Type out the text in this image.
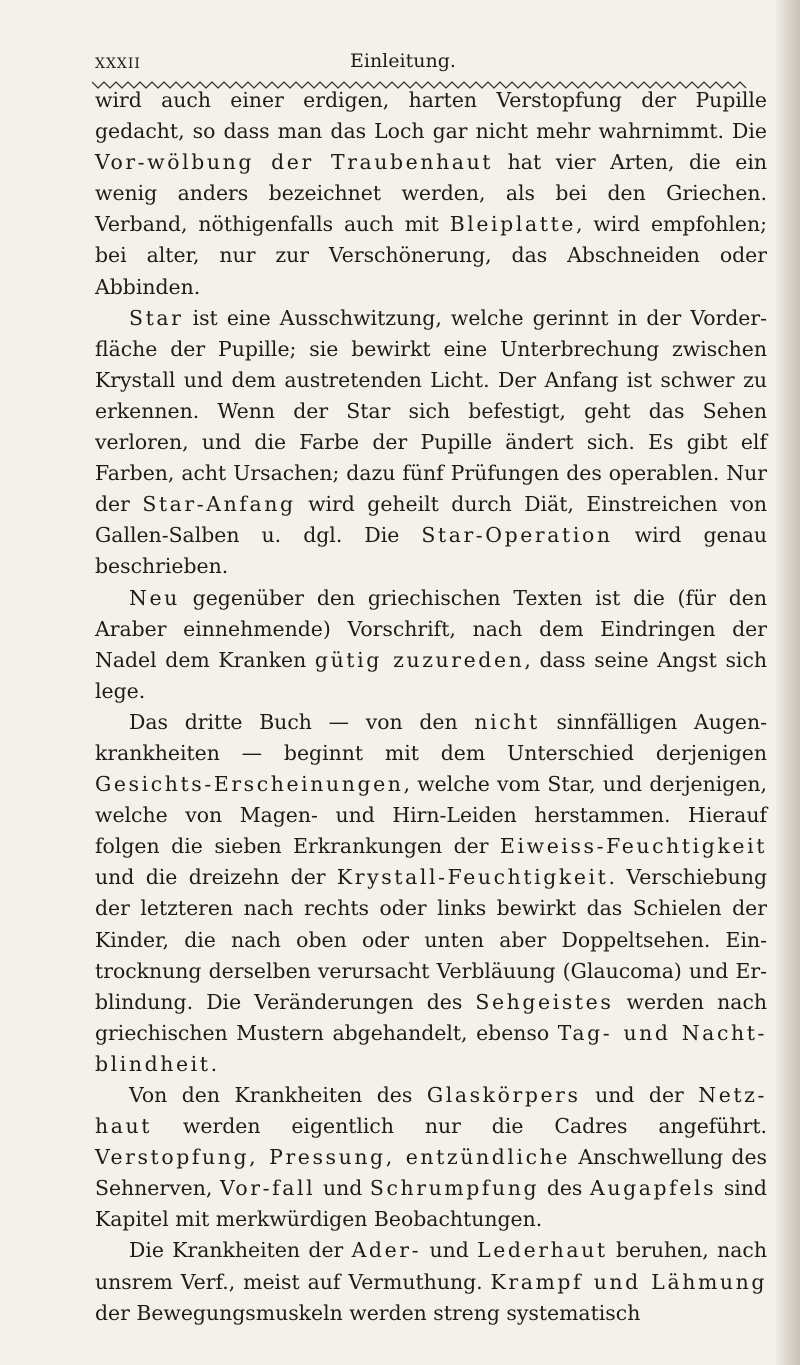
XXXII	Einleitung.

wird auch einer erdigen, harten Verstopfung der Pupille gedacht, so dass man das Loch gar nicht mehr wahrnimmt. Die Vor-wölbung der Traubenhaut hat vier Arten, die ein wenig anders bezeichnet werden, als bei den Griechen. Verband, nöthigenfalls auch mit Bleiplatte, wird empfohlen; bei alter, nur zur Verschönerung, das Abschneiden oder Abbinden.

Star ist eine Ausschwitzung, welche gerinnt in der Vorder-fläche der Pupille; sie bewirkt eine Unterbrechung zwischen Krystall und dem austretenden Licht. Der Anfang ist schwer zu erkennen. Wenn der Star sich befestigt, geht das Sehen verloren, und die Farbe der Pupille ändert sich. Es gibt elf Farben, acht Ursachen; dazu fünf Prüfungen des operablen. Nur der Star-Anfang wird geheilt durch Diät, Einstreichen von Gallen-Salben u. dgl. Die Star-Operation wird genau beschrieben.

Neu gegenüber den griechischen Texten ist die (für den Araber einnehmende) Vorschrift, nach dem Eindringen der Nadel dem Kranken gütig zuzureden, dass seine Angst sich lege.

Das dritte Buch — von den nicht sinnfälligen Augen-krankheiten — beginnt mit dem Unterschied derjenigen Gesichts-Erscheinungen, welche vom Star, und derjenigen, welche von Magen- und Hirn-Leiden herstammen. Hierauf folgen die sieben Erkrankungen der Eiweiss-Feuchtigkeit und die dreizehn der Krystall-Feuchtigkeit. Verschiebung der letzteren nach rechts oder links bewirkt das Schielen der Kinder, die nach oben oder unten aber Doppeltsehen. Ein-trocknung derselben verursacht Verbläuung (Glaucoma) und Er-blindung. Die Veränderungen des Sehgeistes werden nach griechischen Mustern abgehandelt, ebenso Tag- und Nacht-blindheit.

Von den Krankheiten des Glaskörpers und der Netz-haut werden eigentlich nur die Cadres angeführt. Verstopfung, Pressung, entzündliche Anschwellung des Sehnerven, Vor-fall und Schrumpfung des Augapfels sind Kapitel mit merkwürdigen Beobachtungen.

Die Krankheiten der Ader- und Lederhaut beruhen, nach unsrem Verf., meist auf Vermuthung. Krampf und Lähmung der Bewegungsmuskeln werden streng systematisch
